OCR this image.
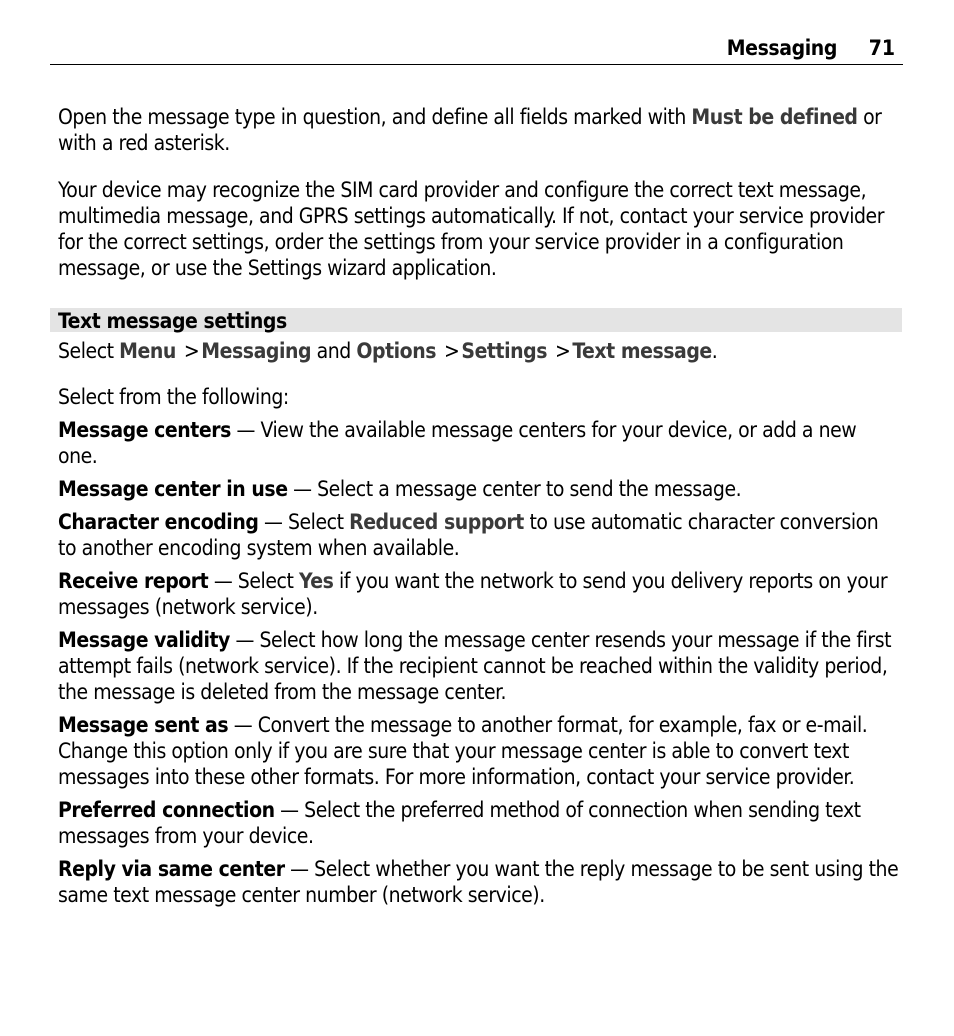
Messaging 71

Open the message type in question, and define all fields marked with Must be defined or with a red asterisk.

Your device may recognize the SIM card provider and configure the correct text message, multimedia message, and GPRS settings automatically. If not, contact your service provider for the correct settings, order the settings from your service provider in a configuration message, or use the Settings wizard application.

Text message settings

Select Menu >Messaging and Options >Settings >Text message.

Select from the following:

Message centers — View the available message centers for your device, or add a new one.

Message center in use — Select a message center to send the message.

Character encoding — Select Reduced support to use automatic character conversion to another encoding system when available.

Receive report — Select Yes if you want the network to send you delivery reports on your messages (network service).

Message validity — Select how long the message center resends your message if the first attempt fails (network service). If the recipient cannot be reached within the validity period, the message is deleted from the message center.

Message sent as — Convert the message to another format, for example, fax or e-mail. Change this option only if you are sure that your message center is able to convert text messages into these other formats. For more information, contact your service provider.

Preferred connection — Select the preferred method of connection when sending text messages from your device.

Reply via same center — Select whether you want the reply message to be sent using the same text message center number (network service).
